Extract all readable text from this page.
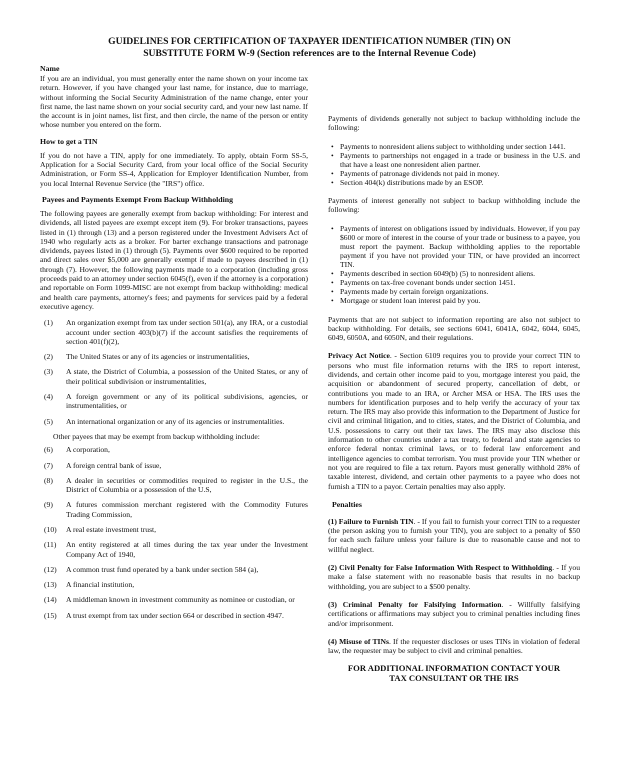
GUIDELINES FOR CERTIFICATION OF TAXPAYER IDENTIFICATION NUMBER (TIN) ON
SUBSTITUTE FORM W-9 (Section references are to the Internal Revenue Code)

Name

If you are an individual, you must generally enter the name shown on your income tax return. However, if you have changed your last name, for instance, due to marriage, without informing the Social Security Administration of the name change, enter your first name, the last name shown on your social security card, and your new last name. If the account is in joint names, list first, and then circle, the name of the person or entity whose number you entered on the form.

How to get a TIN

If you do not have a TIN, apply for one immediately. To apply, obtain Form SS-5, Application for a Social Security Card, from your local office of the Social Security Administration, or Form SS-4, Application for Employer Identification Number, from you local Internal Revenue Service (the "IRS") office.

Payees and Payments Exempt From Backup Withholding

The following payees are generally exempt from backup withholding: For interest and dividends, all listed payees are exempt except item (9). For broker transactions, payees listed in (1) through (13) and a person registered under the Investment Advisers Act of 1940 who regularly acts as a broker. For barter exchange transactions and patronage dividends, payees listed in (1) through (5). Payments over $600 required to be reported and direct sales over $5,000 are generally exempt if made to payees described in (1) through (7). However, the following payments made to a corporation (including gross proceeds paid to an attorney under section 6045(f), even if the attorney is a corporation) and reportable on Form 1099-MISC are not exempt from backup withholding: medical and health care payments, attorney's fees; and payments for services paid by a federal executive agency.

(1)	An organization exempt from tax under section 501(a), any IRA, or a custodial account under section 403(b)(7) if the account satisfies the requirements of section 401(f)(2),
(2)	The United States or any of its agencies or instrumentalities,
(3)	A state, the District of Columbia, a possession of the United States, or any of their political subdivision or instrumentalities,
(4)	A foreign government or any of its political subdivisions, agencies, or instrumentalities, or
(5)	An international organization or any of its agencies or instrumentalities.

Other payees that may be exempt from backup withholding include:

(6)	A corporation,
(7)	A foreign central bank of issue,
(8)	A dealer in securities or commodities required to register in the U.S., the District of Columbia or a possession of the U.S,
(9)	A futures commission merchant registered with the Commodity Futures Trading Commission,
(10)	A real estate investment trust,
(11)	An entity registered at all times during the tax year under the Investment Company Act of 1940,
(12)	A common trust fund operated by a bank under section 584 (a),
(13)	A financial institution,
(14)	A middleman known in investment community as nominee or custodian, or
(15)	A trust exempt from tax under section 664 or described in section 4947.

Payments of dividends generally not subject to backup withholding include the following:

• Payments to nonresident aliens subject to withholding under section 1441.
• Payments to partnerships not engaged in a trade or business in the U.S. and that have a least one nonresident alien partner.
• Payments of patronage dividends not paid in money.
• Section 404(k) distributions made by an ESOP.

Payments of interest generally not subject to backup withholding include the following:

• Payments of interest on obligations issued by individuals. However, if you pay $600 or more of interest in the course of your trade or business to a payee, you must report the payment. Backup withholding applies to the reportable payment if you have not provided your TIN, or have provided an incorrect TIN.
• Payments described in section 6049(b) (5) to nonresident aliens.
• Payments on tax-free covenant bonds under section 1451.
• Payments made by certain foreign organizations.
• Mortgage or student loan interest paid by you.

Payments that are not subject to information reporting are also not subject to backup withholding. For details, see sections 6041, 6041A, 6042, 6044, 6045, 6049, 6050A, and 6050N, and their regulations.

Privacy Act Notice. - Section 6109 requires you to provide your correct TIN to persons who must file information returns with the IRS to report interest, dividends, and certain other income paid to you, mortgage interest you paid, the acquisition or abandonment of secured property, cancellation of debt, or contributions you made to an IRA, or Archer MSA or HSA. The IRS uses the numbers for identification purposes and to help verify the accuracy of your tax return. The IRS may also provide this information to the Department of Justice for civil and criminal litigation, and to cities, states, and the District of Columbia, and U.S. possessions to carry out their tax laws. The IRS may also disclose this information to other countries under a tax treaty, to federal and state agencies to enforce federal nontax criminal laws, or to federal law enforcement and intelligence agencies to combat terrorism. You must provide your TIN whether or not you are required to file a tax return. Payors must generally withhold 28% of taxable interest, dividend, and certain other payments to a payee who does not furnish a TIN to a payor. Certain penalties may also apply.

Penalties

(1) Failure to Furnish TIN. - If you fail to furnish your correct TIN to a requester (the person asking you to furnish your TIN), you are subject to a penalty of $50 for each such failure unless your failure is due to reasonable cause and not to willful neglect.

(2) Civil Penalty for False Information With Respect to Withholding. - If you make a false statement with no reasonable basis that results in no backup withholding, you are subject to a $500 penalty.

(3) Criminal Penalty for Falsifying Information. - Willfully falsifying certifications or affirmations may subject you to criminal penalties including fines and/or imprisonment.

(4) Misuse of TINs. If the requester discloses or uses TINs in violation of federal law, the requester may be subject to civil and criminal penalties.

FOR ADDITIONAL INFORMATION CONTACT YOUR
TAX CONSULTANT OR THE IRS
